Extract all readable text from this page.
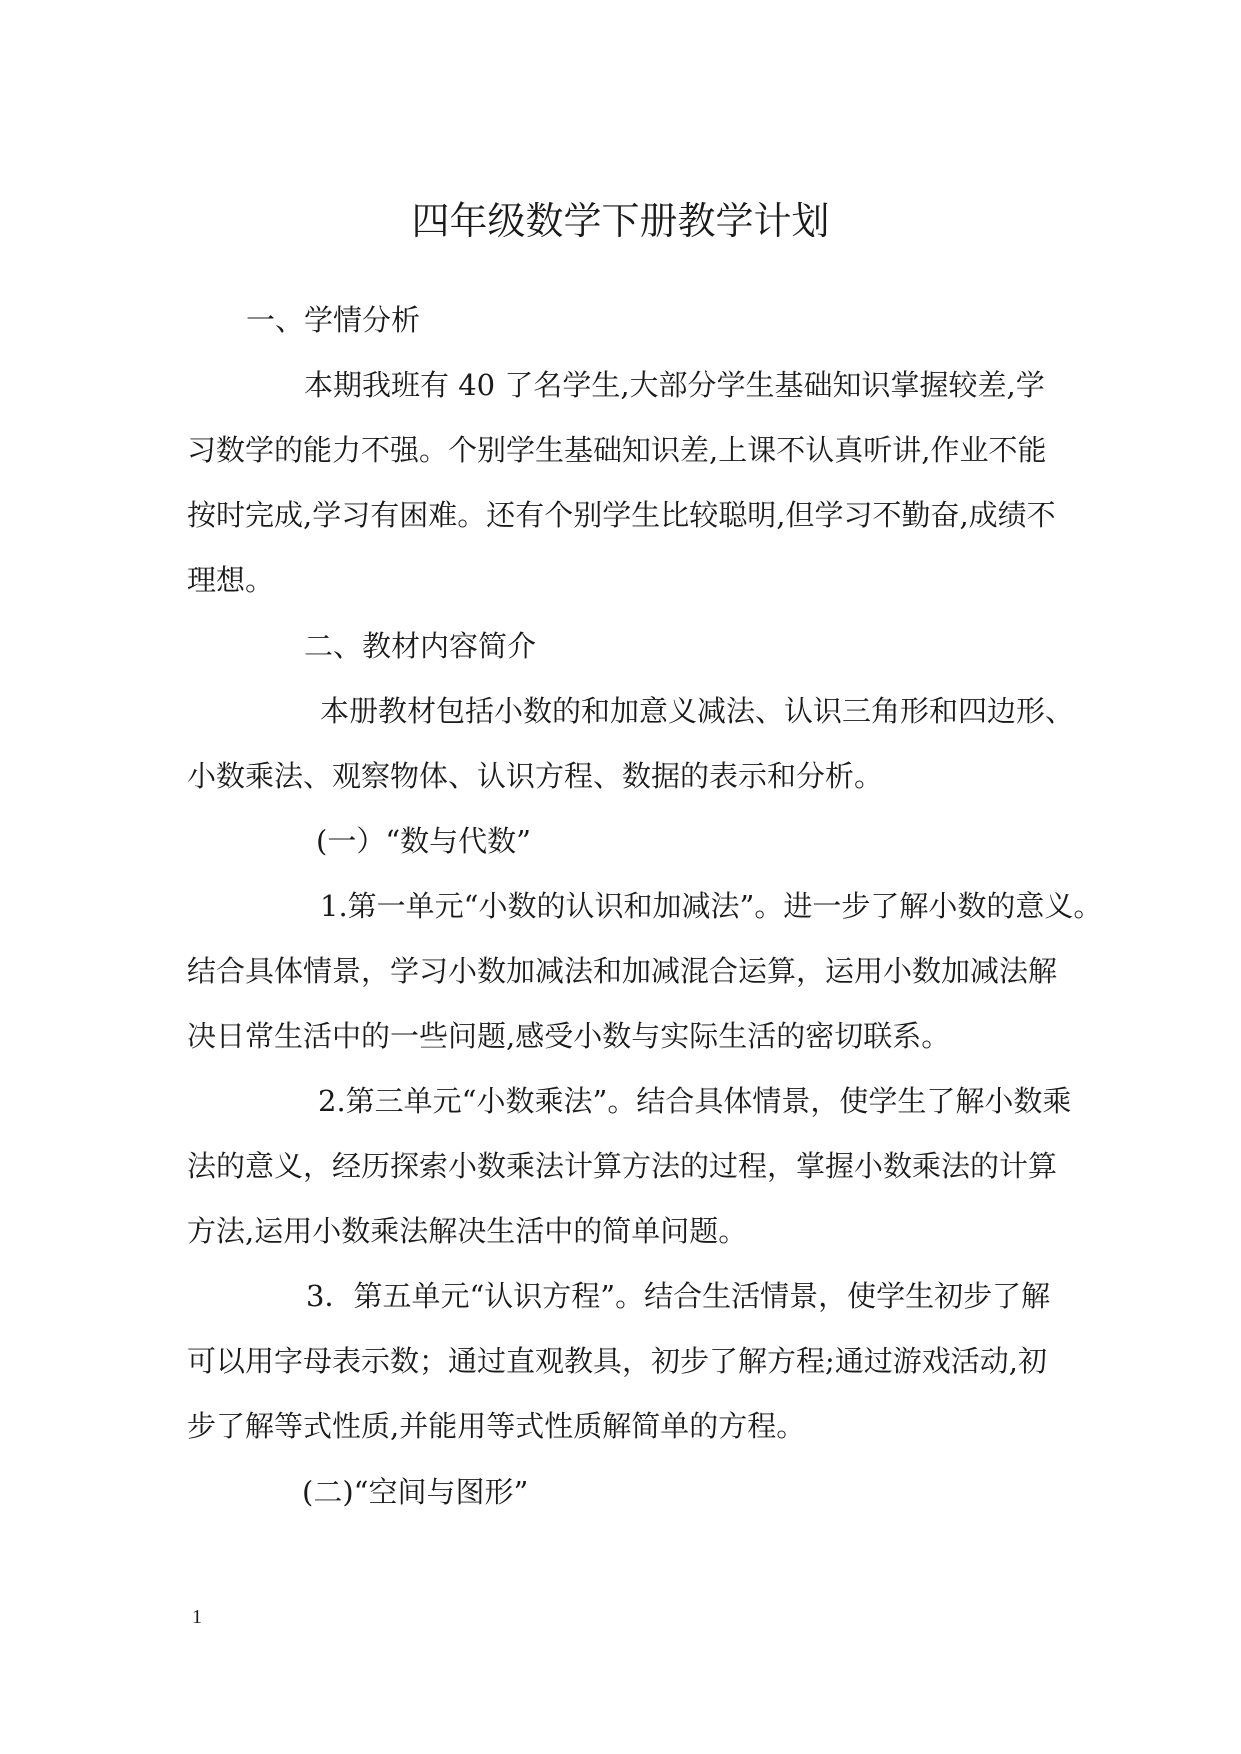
四年级数学下册教学计划
一、学情分析
本期我班有 40 了名学生,大部分学生基础知识掌握较差,学
习数学的能力不强。个别学生基础知识差,上课不认真听讲,作业不能
按时完成,学习有困难。还有个别学生比较聪明,但学习不勤奋,成绩不
理想。
二、教材内容简介
本册教材包括小数的和加意义减法、认识三角形和四边形、
小数乘法、观察物体、认识方程、数据的表示和分析。
(一）“数与代数”
1.第一单元“小数的认识和加减法”。进一步了解小数的意义。
结合具体情景，学习小数加减法和加减混合运算，运用小数加减法解
决日常生活中的一些问题,感受小数与实际生活的密切联系。
2.第三单元“小数乘法”。结合具体情景，使学生了解小数乘
法的意义，经历探索小数乘法计算方法的过程，掌握小数乘法的计算
方法,运用小数乘法解决生活中的简单问题。
3．第五单元“认识方程”。结合生活情景，使学生初步了解
可以用字母表示数；通过直观教具，初步了解方程;通过游戏活动,初
步了解等式性质,并能用等式性质解简单的方程。
(二)“空间与图形”
1
